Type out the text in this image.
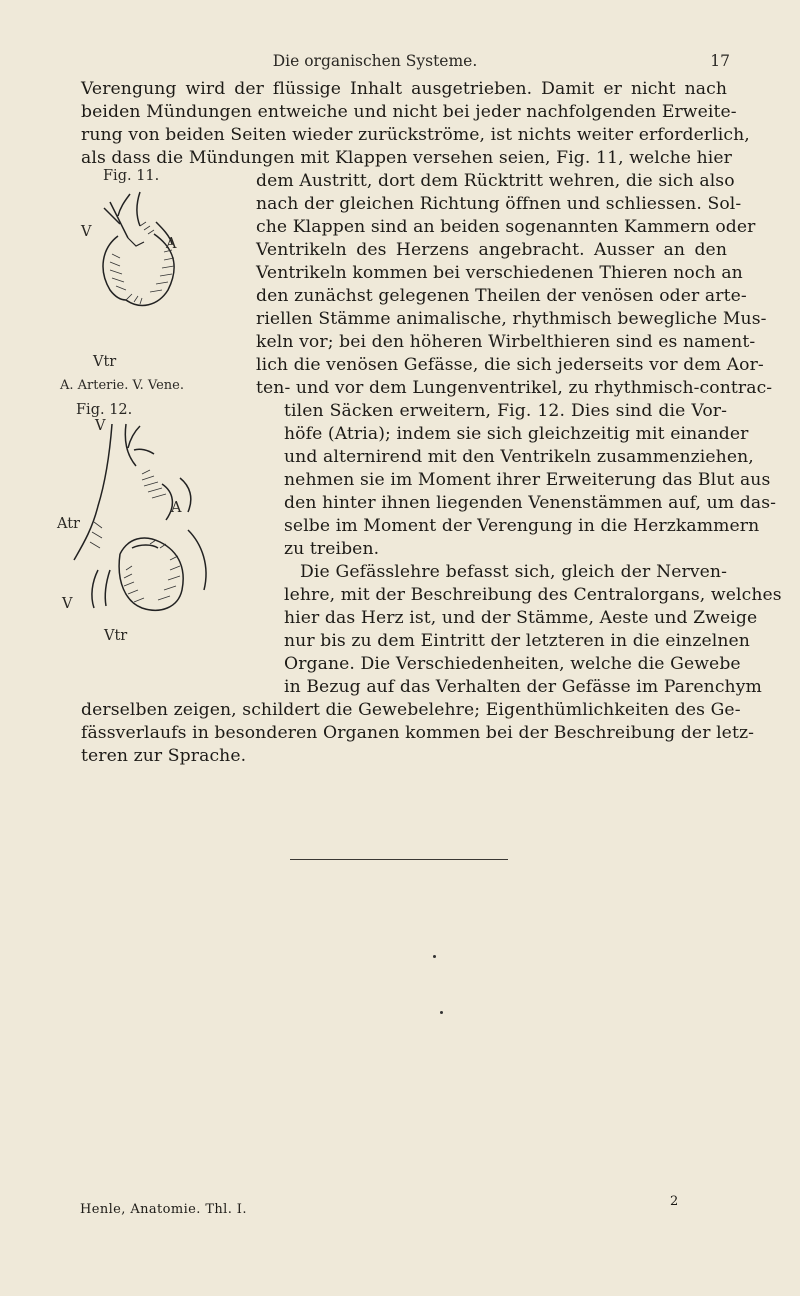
Die organischen Systeme.	17
Verengung wird der flüssige Inhalt ausgetrieben. Damit er nicht nach
beiden Mündungen entweiche und nicht bei jeder nachfolgenden Erweite-
rung von beiden Seiten wieder zurückströme, ist nichts weiter erforderlich,
als dass die Mündungen mit Klappen versehen seien, Fig. 11, welche hier
dem Austritt, dort dem Rücktritt wehren, die sich also
nach der gleichen Richtung öffnen und schliessen. Sol-
che Klappen sind an beiden sogenannten Kammern oder
Ventrikeln des Herzens angebracht. Ausser an den
Ventrikeln kommen bei verschiedenen Thieren noch an
den zunächst gelegenen Theilen der venösen oder arte-
riellen Stämme animalische, rhythmisch bewegliche Mus-
keln vor; bei den höheren Wirbelthieren sind es nament-
lich die venösen Gefässe, die sich jederseits vor dem Aor-
ten- und vor dem Lungenventrikel, zu rhythmisch-contrac-
tilen Säcken erweitern, Fig. 12. Dies sind die Vor-
höfe (Atria); indem sie sich gleichzeitig mit einander
und alternirend mit den Ventrikeln zusammenziehen,
nehmen sie im Moment ihrer Erweiterung das Blut aus
den hinter ihnen liegenden Venenstämmen auf, um das-
selbe im Moment der Verengung in die Herzkammern
zu treiben.
Die Gefässlehre befasst sich, gleich der Nerven-
lehre, mit der Beschreibung des Centralorgans, welches
hier das Herz ist, und der Stämme, Aeste und Zweige
nur bis zu dem Eintritt der letzteren in die einzelnen
Organe. Die Verschiedenheiten, welche die Gewebe
in Bezug auf das Verhalten der Gefässe im Parenchym
derselben zeigen, schildert die Gewebelehre; Eigenthümlichkeiten des Ge-
fässverlaufs in besonderen Organen kommen bei der Beschreibung der letz-
teren zur Sprache.
Fig. 11.
V
A
Vtr
A. Arterie. V. Vene.
Fig. 12.
V
A
Atr
V
Vtr
Henle, Anatomie. Thl. I.
2
